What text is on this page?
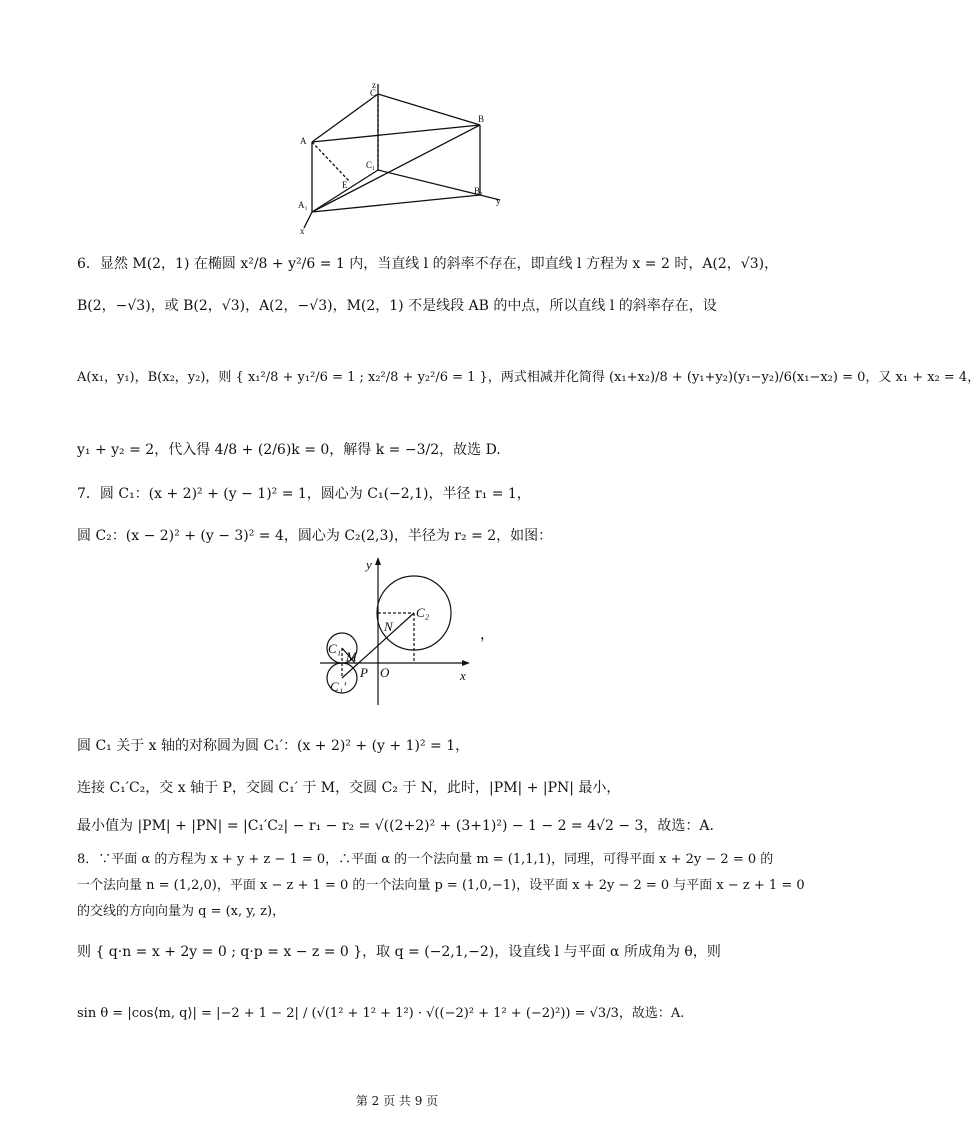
z
C
B
A
C₁
E
A₁
B₁
y
x
6．显然 M(2，1) 在椭圆 x²/8 + y²/6 = 1 内，当直线 l 的斜率不存在，即直线 l 方程为 x = 2 时，A(2，√3)，
B(2，−√3)，或 B(2，√3)，A(2，−√3)，M(2，1) 不是线段 AB 的中点，所以直线 l 的斜率存在，设
A(x₁，y₁)，B(x₂，y₂)，则 { x₁²/8 + y₁²/6 = 1 ; x₂²/8 + y₂²/6 = 1 }，两式相减并化简得 (x₁+x₂)/8 + (y₁+y₂)(y₁−y₂)/6(x₁−x₂) = 0，又 x₁ + x₂ = 4，
y₁ + y₂ = 2，代入得 4/8 + (2/6)k = 0，解得 k = −3/2，故选 D.
7．圆 C₁：(x + 2)² + (y − 1)² = 1，圆心为 C₁(−2,1)，半径 r₁ = 1，
圆 C₂：(x − 2)² + (y − 3)² = 4，圆心为 C₂(2,3)，半径为 r₂ = 2，如图：
y
x
O
P
M
N
C₁
C₁′
C₂
，
圆 C₁ 关于 x 轴的对称圆为圆 C₁′：(x + 2)² + (y + 1)² = 1，
连接 C₁′C₂，交 x 轴于 P，交圆 C₁′ 于 M，交圆 C₂ 于 N，此时，|PM| + |PN| 最小，
最小值为 |PM| + |PN| = |C₁′C₂| − r₁ − r₂ = √((2+2)² + (3+1)²) − 1 − 2 = 4√2 − 3，故选：A.
8．∵平面 α 的方程为 x + y + z − 1 = 0，∴平面 α 的一个法向量 m = (1,1,1)，同理，可得平面 x + 2y − 2 = 0 的
一个法向量 n = (1,2,0)，平面 x − z + 1 = 0 的一个法向量 p = (1,0,−1)，设平面 x + 2y − 2 = 0 与平面 x − z + 1 = 0
的交线的方向向量为 q = (x, y, z)，
则 { q·n = x + 2y = 0 ; q·p = x − z = 0 }，取 q = (−2,1,−2)，设直线 l 与平面 α 所成角为 θ，则
sin θ = |cos⟨m, q⟩| = |−2 + 1 − 2| / (√(1² + 1² + 1²) · √((−2)² + 1² + (−2)²)) = √3/3，故选：A.
第 2 页 共 9 页
